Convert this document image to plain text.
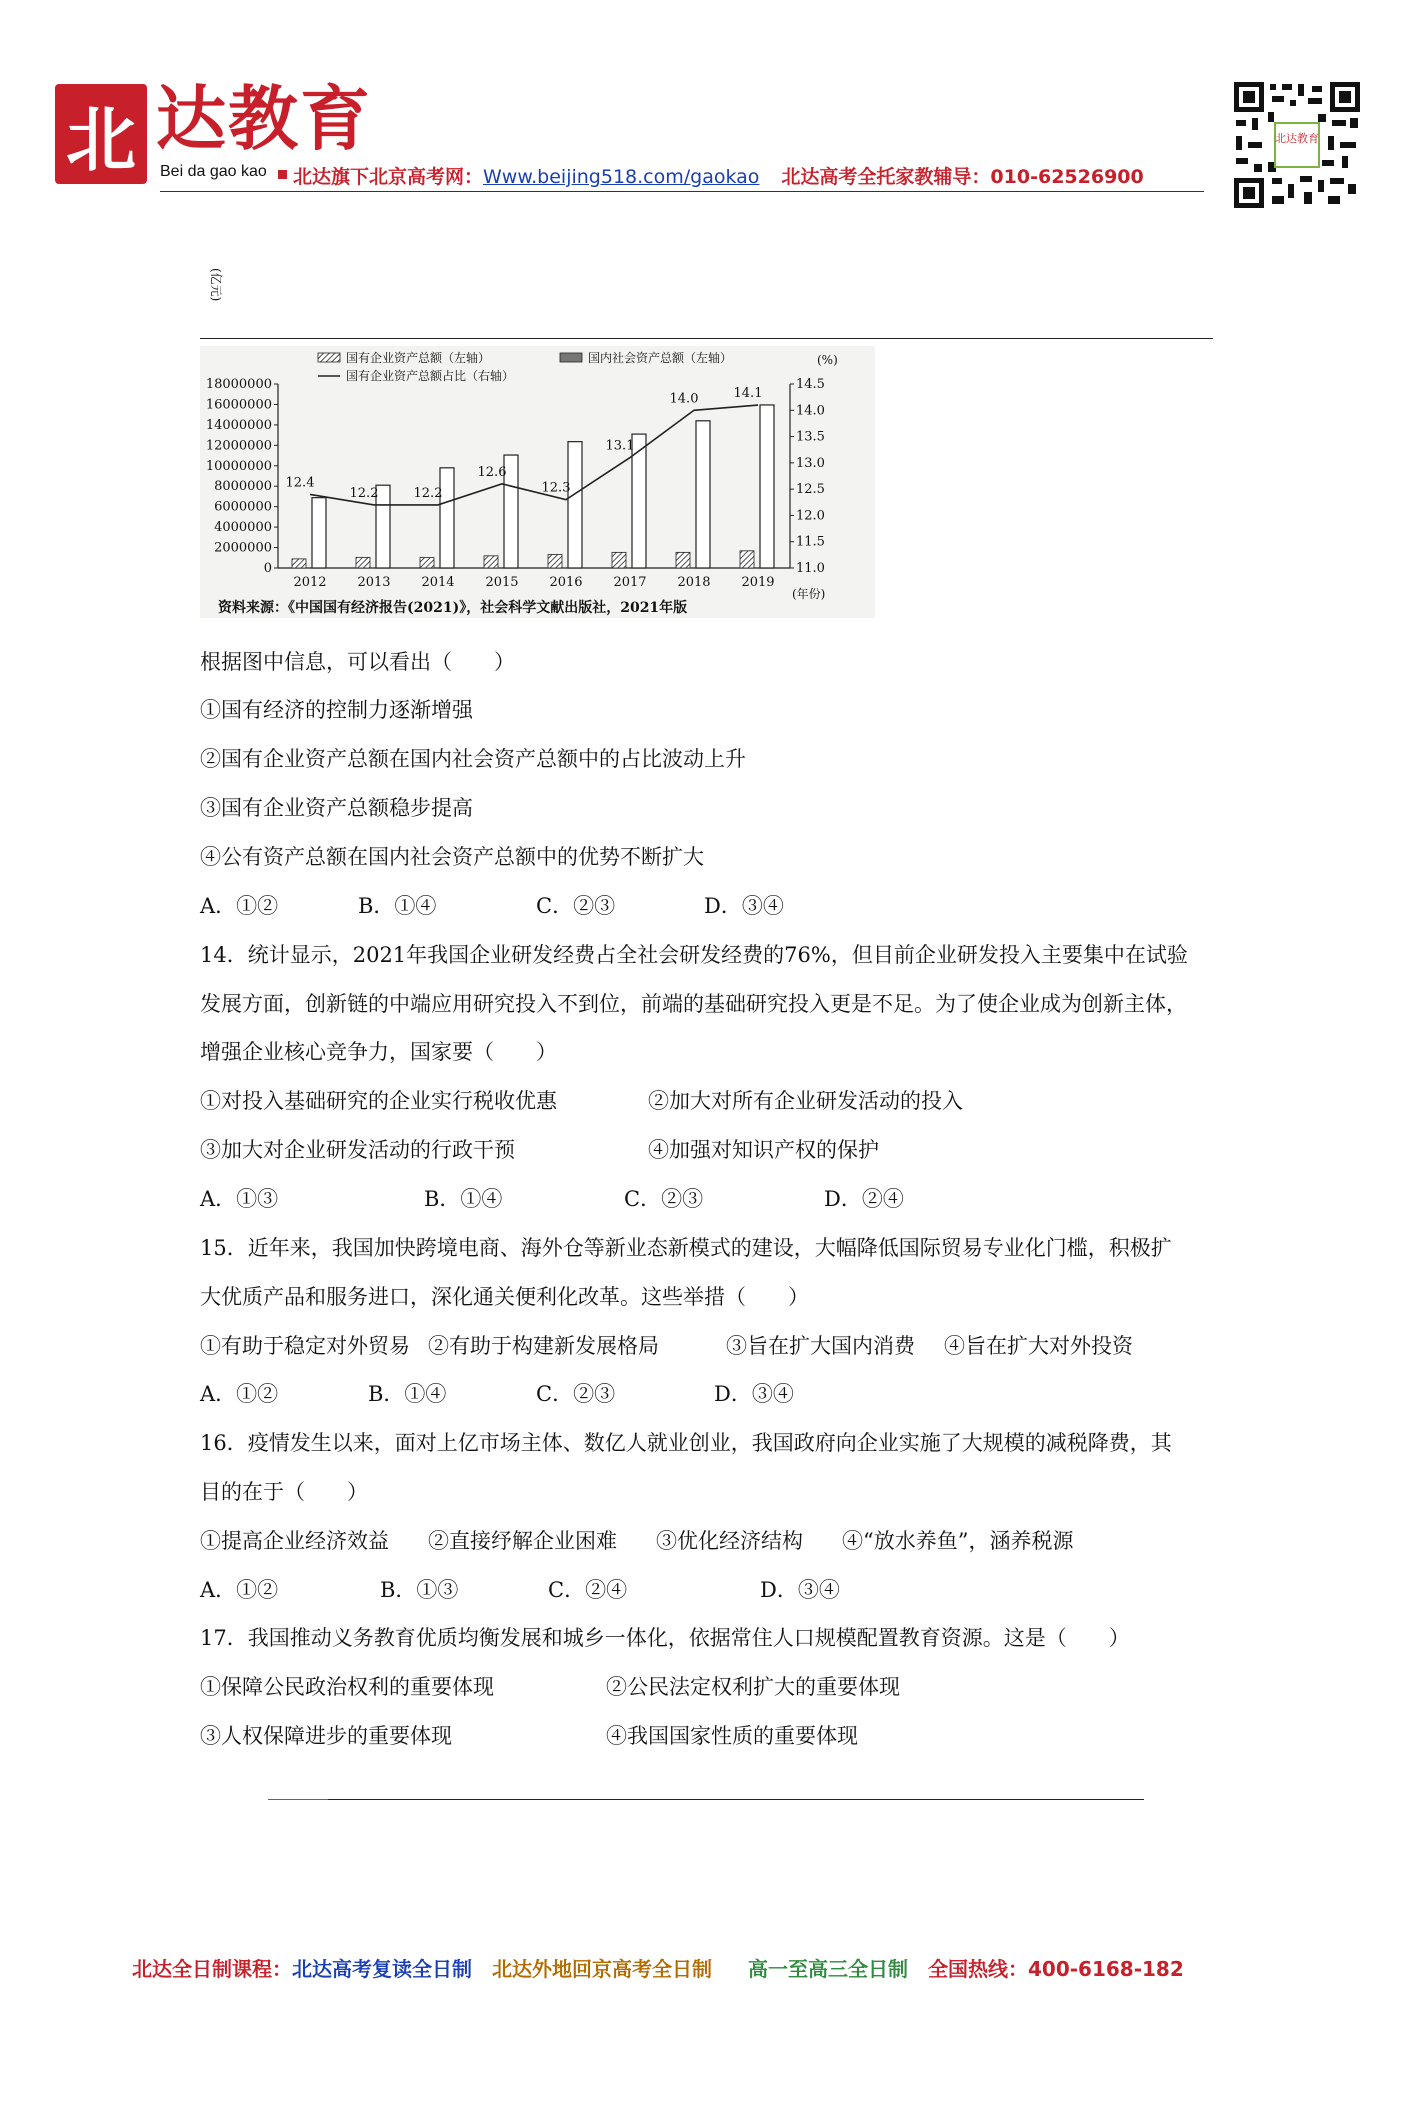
北 达教育
Bei da gao kao 北达旗下北京高考网：Www.beijing518.com/gaokao 北达高考全托家教辅导：010-62526900
北达教育
国有企业资产总额（左轴）	国内社会资产总额（左轴）
国有企业资产总额占比（右轴）
(亿元)
(%)
0
2000000
4000000
6000000
8000000
10000000
12000000
14000000
16000000
18000000
11.0
11.5
12.0
12.5
13.0
13.5
14.0
14.5
2012 2013 2014 2015 2016 2017 2018 2019
12.4
12.2	12.2
12.6
12.3
13.1
14.0	14.1
(年份)
资料来源：《中国国有经济报告(2021)》，社会科学文献出版社，2021年版
根据图中信息，可以看出（　　）
①国有经济的控制力逐渐增强
②国有企业资产总额在国内社会资产总额中的占比波动上升
③国有企业资产总额稳步提高
④公有资产总额在国内社会资产总额中的优势不断扩大
A．①②	B．①④	C．②③	D．③④
14．统计显示，2021年我国企业研发经费占全社会研发经费的76%，但目前企业研发投入主要集中在试验
发展方面，创新链的中端应用研究投入不到位，前端的基础研究投入更是不足。为了使企业成为创新主体，
增强企业核心竞争力，国家要（　　）
①对投入基础研究的企业实行税收优惠	②加大对所有企业研发活动的投入
③加大对企业研发活动的行政干预	④加强对知识产权的保护
A．①③	B．①④	C．②③	D．②④
15．近年来，我国加快跨境电商、海外仓等新业态新模式的建设，大幅降低国际贸易专业化门槛，积极扩
大优质产品和服务进口，深化通关便利化改革。这些举措（　　）
①有助于稳定对外贸易 ②有助于构建新发展格局	③旨在扩大国内消费 ④旨在扩大对外投资
A．①②	B．①④	C．②③	D．③④
16．疫情发生以来，面对上亿市场主体、数亿人就业创业，我国政府向企业实施了大规模的减税降费，其
目的在于（　　）
①提高企业经济效益 ②直接纾解企业困难 ③优化经济结构 ④“放水养鱼”，涵养税源
A．①②	B．①③	C．②④	D．③④
17．我国推动义务教育优质均衡发展和城乡一体化，依据常住人口规模配置教育资源。这是（　　）
①保障公民政治权利的重要体现	②公民法定权利扩大的重要体现
③人权保障进步的重要体现	④我国国家性质的重要体现
北达全日制课程：北达高考复读全日制 北达外地回京高考全日制 高一至高三全日制 全国热线：400-6168-182
